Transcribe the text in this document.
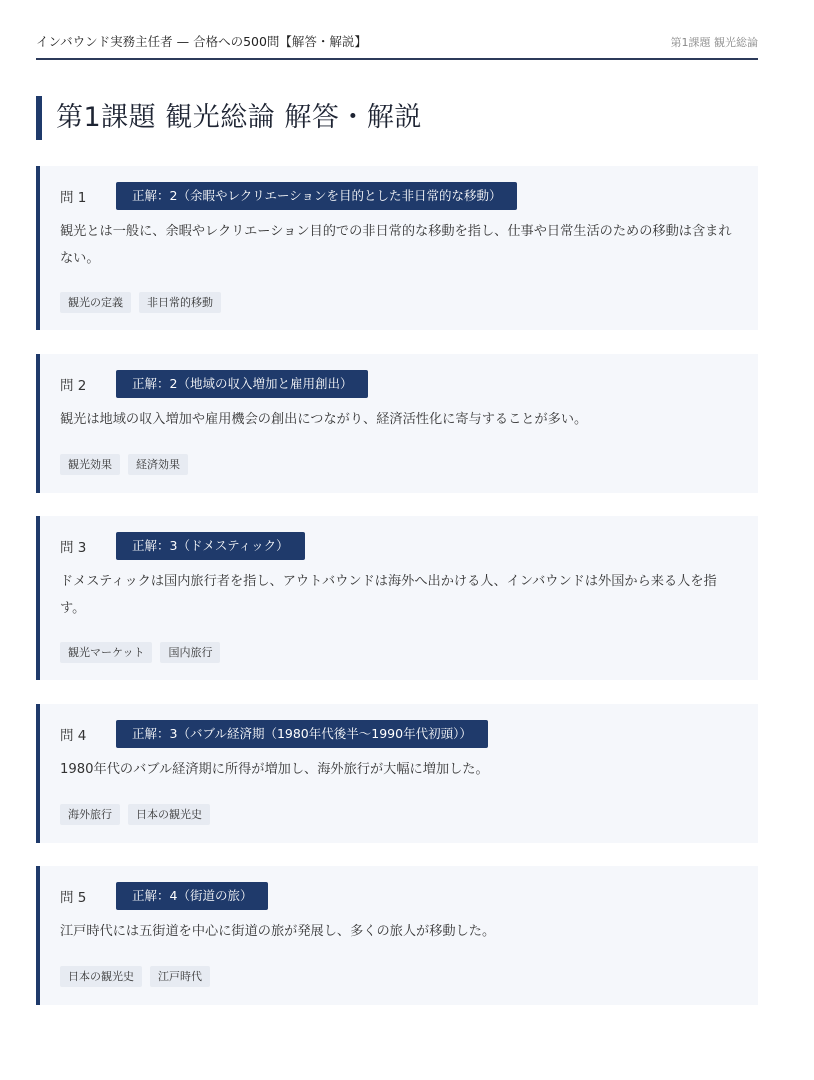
インバウンド実務主任者 — 合格への500問【解答・解説】	第1課題 観光総論
第1課題 観光総論 解答・解説
問 1	正解：2（余暇やレクリエーションを目的とした非日常的な移動）
観光とは一般に、余暇やレクリエーション目的での非日常的な移動を指し、仕事や日常生活のための移動は含まれない。
観光の定義	非日常的移動
問 2	正解：2（地域の収入増加と雇用創出）
観光は地域の収入増加や雇用機会の創出につながり、経済活性化に寄与することが多い。
観光効果	経済効果
問 3	正解：3（ドメスティック）
ドメスティックは国内旅行者を指し、アウトバウンドは海外へ出かける人、インバウンドは外国から来る人を指す。
観光マーケット	国内旅行
問 4	正解：3（バブル経済期（1980年代後半～1990年代初頭））
1980年代のバブル経済期に所得が増加し、海外旅行が大幅に増加した。
海外旅行	日本の観光史
問 5	正解：4（街道の旅）
江戸時代には五街道を中心に街道の旅が発展し、多くの旅人が移動した。
日本の観光史	江戸時代
